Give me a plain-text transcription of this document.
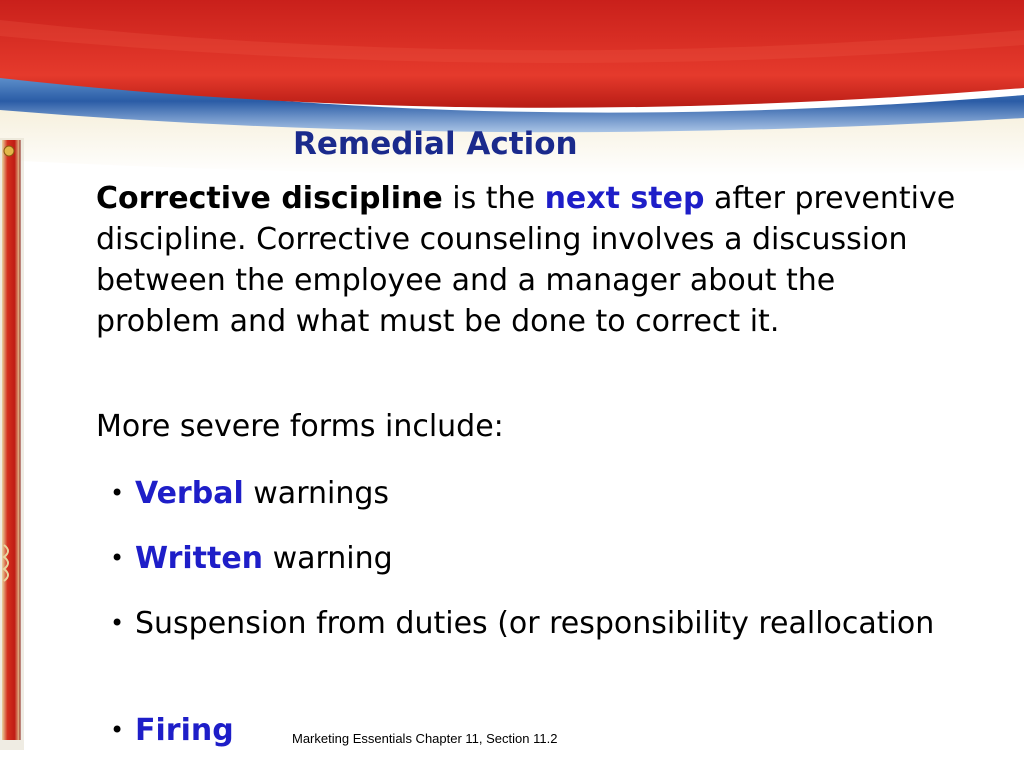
Remedial Action
Corrective discipline is the next step after preventive discipline. Corrective counseling involves a discussion between the employee and a manager about the problem and what must be done to correct it.
More severe forms include:
• Verbal warnings
• Written warning
• Suspension from duties (or responsibility reallocation
• Firing	Marketing Essentials Chapter 11, Section 11.2
